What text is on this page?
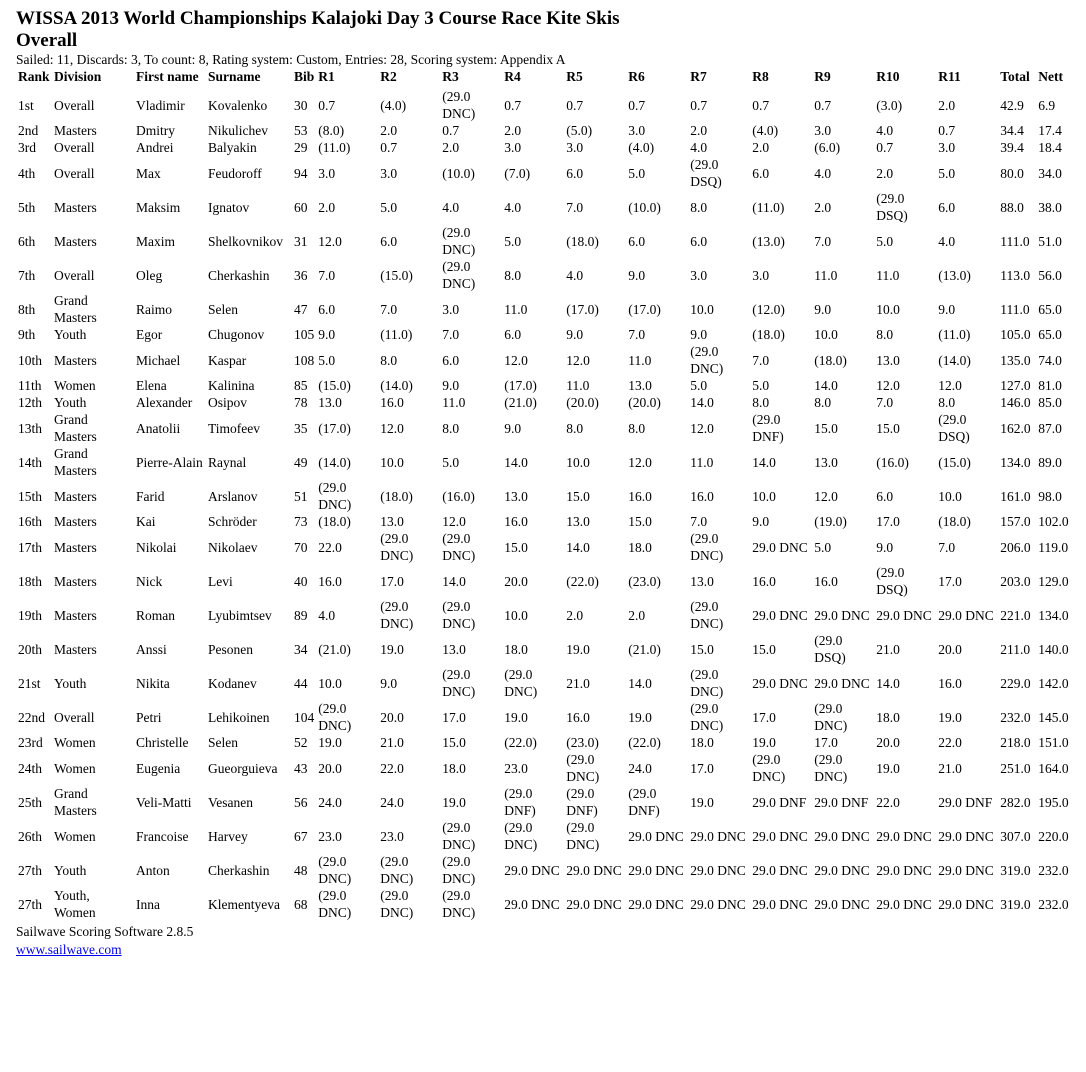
WISSA 2013 World Championships Kalajoki Day 3 Course Race Kite Skis
Overall

Sailed: 11, Discards: 3, To count: 8, Rating system: Custom, Entries: 28, Scoring system: Appendix A

Rank	Division	First name	Surname	Bib	R1	R2	R3	R4	R5	R6	R7	R8	R9	R10	R11	Total	Nett
1st	Overall	Vladimir	Kovalenko	30	0.7	(4.0)	(29.0 DNC)	0.7	0.7	0.7	0.7	0.7	0.7	(3.0)	2.0	42.9	6.9
2nd	Masters	Dmitry	Nikulichev	53	(8.0)	2.0	0.7	2.0	(5.0)	3.0	2.0	(4.0)	3.0	4.0	0.7	34.4	17.4
3rd	Overall	Andrei	Balyakin	29	(11.0)	0.7	2.0	3.0	3.0	(4.0)	4.0	2.0	(6.0)	0.7	3.0	39.4	18.4
4th	Overall	Max	Feudoroff	94	3.0	3.0	(10.0)	(7.0)	6.0	5.0	(29.0 DSQ)	6.0	4.0	2.0	5.0	80.0	34.0
5th	Masters	Maksim	Ignatov	60	2.0	5.0	4.0	4.0	7.0	(10.0)	8.0	(11.0)	2.0	(29.0 DSQ)	6.0	88.0	38.0
6th	Masters	Maxim	Shelkovnikov	31	12.0	6.0	(29.0 DNC)	5.0	(18.0)	6.0	6.0	(13.0)	7.0	5.0	4.0	111.0	51.0
7th	Overall	Oleg	Cherkashin	36	7.0	(15.0)	(29.0 DNC)	8.0	4.0	9.0	3.0	3.0	11.0	11.0	(13.0)	113.0	56.0
8th	Grand Masters	Raimo	Selen	47	6.0	7.0	3.0	11.0	(17.0)	(17.0)	10.0	(12.0)	9.0	10.0	9.0	111.0	65.0
9th	Youth	Egor	Chugonov	105	9.0	(11.0)	7.0	6.0	9.0	7.0	9.0	(18.0)	10.0	8.0	(11.0)	105.0	65.0
10th	Masters	Michael	Kaspar	108	5.0	8.0	6.0	12.0	12.0	11.0	(29.0 DNC)	7.0	(18.0)	13.0	(14.0)	135.0	74.0
11th	Women	Elena	Kalinina	85	(15.0)	(14.0)	9.0	(17.0)	11.0	13.0	5.0	5.0	14.0	12.0	12.0	127.0	81.0
12th	Youth	Alexander	Osipov	78	13.0	16.0	11.0	(21.0)	(20.0)	(20.0)	14.0	8.0	8.0	7.0	8.0	146.0	85.0
13th	Grand Masters	Anatolii	Timofeev	35	(17.0)	12.0	8.0	9.0	8.0	8.0	12.0	(29.0 DNF)	15.0	15.0	(29.0 DSQ)	162.0	87.0
14th	Grand Masters	Pierre-Alain	Raynal	49	(14.0)	10.0	5.0	14.0	10.0	12.0	11.0	14.0	13.0	(16.0)	(15.0)	134.0	89.0
15th	Masters	Farid	Arslanov	51	(29.0 DNC)	(18.0)	(16.0)	13.0	15.0	16.0	16.0	10.0	12.0	6.0	10.0	161.0	98.0
16th	Masters	Kai	Schröder	73	(18.0)	13.0	12.0	16.0	13.0	15.0	7.0	9.0	(19.0)	17.0	(18.0)	157.0	102.0
17th	Masters	Nikolai	Nikolaev	70	22.0	(29.0 DNC)	(29.0 DNC)	15.0	14.0	18.0	(29.0 DNC)	29.0 DNC	5.0	9.0	7.0	206.0	119.0
18th	Masters	Nick	Levi	40	16.0	17.0	14.0	20.0	(22.0)	(23.0)	13.0	16.0	16.0	(29.0 DSQ)	17.0	203.0	129.0
19th	Masters	Roman	Lyubimtsev	89	4.0	(29.0 DNC)	(29.0 DNC)	10.0	2.0	2.0	(29.0 DNC)	29.0 DNC	29.0 DNC	29.0 DNC	29.0 DNC	221.0	134.0
20th	Masters	Anssi	Pesonen	34	(21.0)	19.0	13.0	18.0	19.0	(21.0)	15.0	15.0	(29.0 DSQ)	21.0	20.0	211.0	140.0
21st	Youth	Nikita	Kodanev	44	10.0	9.0	(29.0 DNC)	(29.0 DNC)	21.0	14.0	(29.0 DNC)	29.0 DNC	29.0 DNC	14.0	16.0	229.0	142.0
22nd	Overall	Petri	Lehikoinen	104	(29.0 DNC)	20.0	17.0	19.0	16.0	19.0	(29.0 DNC)	17.0	(29.0 DNC)	18.0	19.0	232.0	145.0
23rd	Women	Christelle	Selen	52	19.0	21.0	15.0	(22.0)	(23.0)	(22.0)	18.0	19.0	17.0	20.0	22.0	218.0	151.0
24th	Women	Eugenia	Gueorguieva	43	20.0	22.0	18.0	23.0	(29.0 DNC)	24.0	17.0	(29.0 DNC)	(29.0 DNC)	19.0	21.0	251.0	164.0
25th	Grand Masters	Veli-Matti	Vesanen	56	24.0	24.0	19.0	(29.0 DNF)	(29.0 DNF)	(29.0 DNF)	19.0	29.0 DNF	29.0 DNF	22.0	29.0 DNF	282.0	195.0
26th	Women	Francoise	Harvey	67	23.0	23.0	(29.0 DNC)	(29.0 DNC)	(29.0 DNC)	29.0 DNC	29.0 DNC	29.0 DNC	29.0 DNC	29.0 DNC	29.0 DNC	307.0	220.0
27th	Youth	Anton	Cherkashin	48	(29.0 DNC)	(29.0 DNC)	(29.0 DNC)	29.0 DNC	29.0 DNC	29.0 DNC	29.0 DNC	29.0 DNC	29.0 DNC	29.0 DNC	29.0 DNC	319.0	232.0
27th	Youth, Women	Inna	Klementyeva	68	(29.0 DNC)	(29.0 DNC)	(29.0 DNC)	29.0 DNC	29.0 DNC	29.0 DNC	29.0 DNC	29.0 DNC	29.0 DNC	29.0 DNC	29.0 DNC	319.0	232.0
Sailwave Scoring Software 2.8.5
www.sailwave.com
